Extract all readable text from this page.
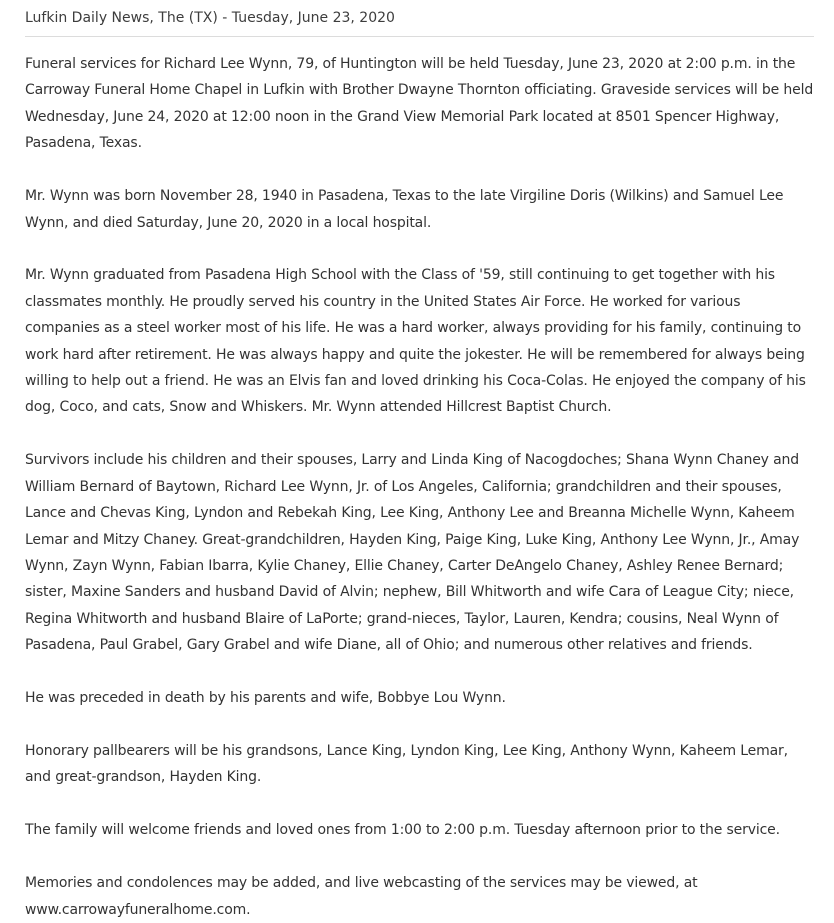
Lufkin Daily News, The (TX) - Tuesday, June 23, 2020

Funeral services for Richard Lee Wynn, 79, of Huntington will be held Tuesday, June 23, 2020 at 2:00 p.m. in the Carroway Funeral Home Chapel in Lufkin with Brother Dwayne Thornton officiating. Graveside services will be held Wednesday, June 24, 2020 at 12:00 noon in the Grand View Memorial Park located at 8501 Spencer Highway, Pasadena, Texas.

Mr. Wynn was born November 28, 1940 in Pasadena, Texas to the late Virgiline Doris (Wilkins) and Samuel Lee Wynn, and died Saturday, June 20, 2020 in a local hospital.

Mr. Wynn graduated from Pasadena High School with the Class of '59, still continuing to get together with his classmates monthly. He proudly served his country in the United States Air Force. He worked for various companies as a steel worker most of his life. He was a hard worker, always providing for his family, continuing to work hard after retirement. He was always happy and quite the jokester. He will be remembered for always being willing to help out a friend. He was an Elvis fan and loved drinking his Coca-Colas. He enjoyed the company of his dog, Coco, and cats, Snow and Whiskers. Mr. Wynn attended Hillcrest Baptist Church.

Survivors include his children and their spouses, Larry and Linda King of Nacogdoches; Shana Wynn Chaney and William Bernard of Baytown, Richard Lee Wynn, Jr. of Los Angeles, California; grandchildren and their spouses, Lance and Chevas King, Lyndon and Rebekah King, Lee King, Anthony Lee and Breanna Michelle Wynn, Kaheem Lemar and Mitzy Chaney. Great-grandchildren, Hayden King, Paige King, Luke King, Anthony Lee Wynn, Jr., Amay Wynn, Zayn Wynn, Fabian Ibarra, Kylie Chaney, Ellie Chaney, Carter DeAngelo Chaney, Ashley Renee Bernard; sister, Maxine Sanders and husband David of Alvin; nephew, Bill Whitworth and wife Cara of League City; niece, Regina Whitworth and husband Blaire of LaPorte; grand-nieces, Taylor, Lauren, Kendra; cousins, Neal Wynn of Pasadena, Paul Grabel, Gary Grabel and wife Diane, all of Ohio; and numerous other relatives and friends.

He was preceded in death by his parents and wife, Bobbye Lou Wynn.

Honorary pallbearers will be his grandsons, Lance King, Lyndon King, Lee King, Anthony Wynn, Kaheem Lemar, and great-grandson, Hayden King.

The family will welcome friends and loved ones from 1:00 to 2:00 p.m. Tuesday afternoon prior to the service.

Memories and condolences may be added, and live webcasting of the services may be viewed, at www.carrowayfuneralhome.com.
